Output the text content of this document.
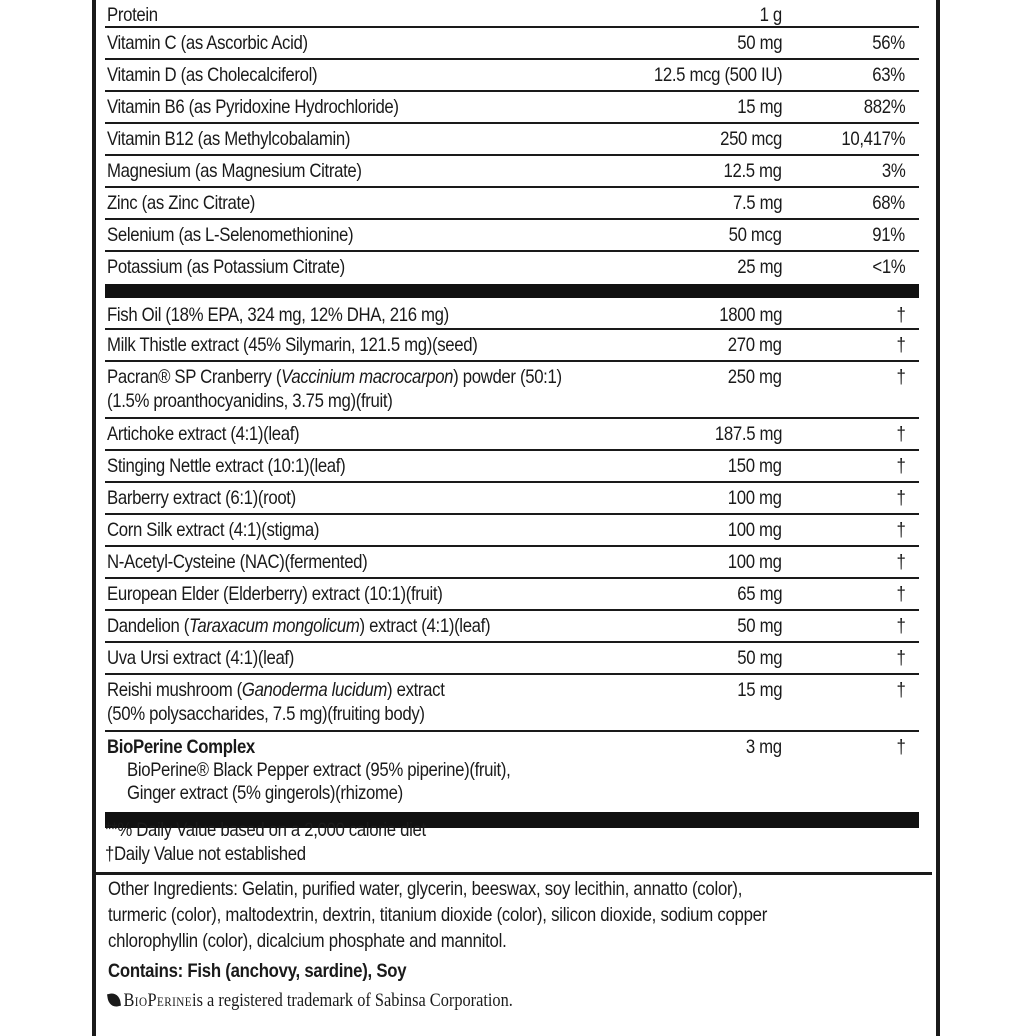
Protein	1 g
Vitamin C (as Ascorbic Acid)	50 mg	56%
Vitamin D (as Cholecalciferol)	12.5 mcg (500 IU)	63%
Vitamin B6 (as Pyridoxine Hydrochloride)	15 mg	882%
Vitamin B12 (as Methylcobalamin)	250 mcg	10,417%
Magnesium (as Magnesium Citrate)	12.5 mg	3%
Zinc (as Zinc Citrate)	7.5 mg	68%
Selenium (as L-Selenomethionine)	50 mcg	91%
Potassium (as Potassium Citrate)	25 mg	<1%
Fish Oil (18% EPA, 324 mg, 12% DHA, 216 mg)	1800 mg	†
Milk Thistle extract (45% Silymarin, 121.5 mg)(seed)	270 mg	†
Pacran® SP Cranberry (Vaccinium macrocarpon) powder (50:1)
(1.5% proanthocyanidins, 3.75 mg)(fruit)
250 mg	†
Artichoke extract (4:1)(leaf)	187.5 mg	†
Stinging Nettle extract (10:1)(leaf)	150 mg	†
Barberry extract (6:1)(root)	100 mg	†
Corn Silk extract (4:1)(stigma)	100 mg	†
N-Acetyl-Cysteine (NAC)(fermented)	100 mg	†
European Elder (Elderberry) extract (10:1)(fruit)	65 mg	†
Dandelion (Taraxacum mongolicum) extract (4:1)(leaf)	50 mg	†
Uva Ursi extract (4:1)(leaf)	50 mg	†
Reishi mushroom (Ganoderma lucidum) extract
(50% polysaccharides, 7.5 mg)(fruiting body)
15 mg	†
BioPerine Complex
BioPerine® Black Pepper extract (95% piperine)(fruit),
Ginger extract (5% gingerols)(rhizome)
3 mg	†
**% Daily Value based on a 2,000 calorie diet
†Daily Value not established
Other Ingredients: Gelatin, purified water, glycerin, beeswax, soy lecithin, annatto (color),
turmeric (color), maltodextrin, dextrin, titanium dioxide (color), silicon dioxide, sodium copper
chlorophyllin (color), dicalcium phosphate and mannitol.
Contains: Fish (anchovy, sardine), Soy
BioPerineis a registered trademark of Sabinsa Corporation.
